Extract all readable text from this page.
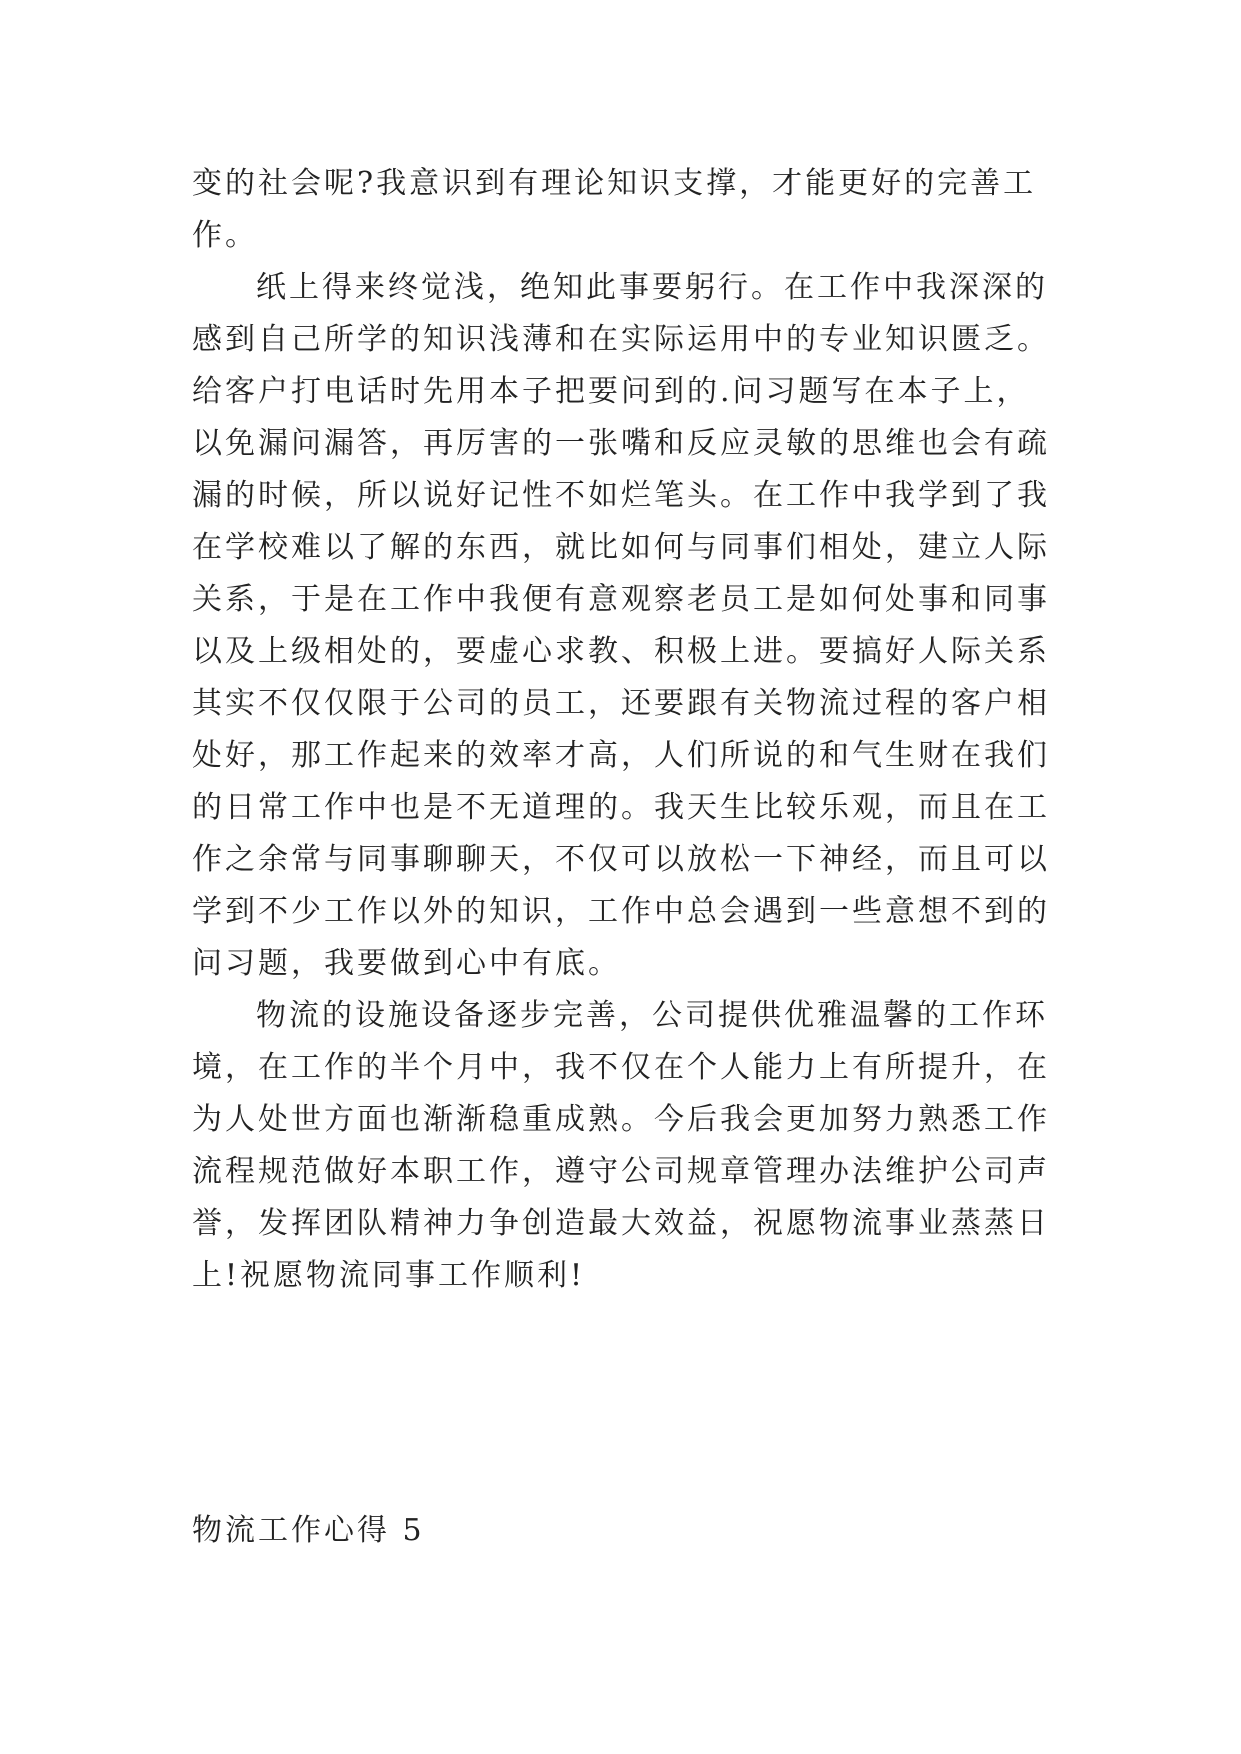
变的社会呢?我意识到有理论知识支撑，才能更好的完善工
作。
纸上得来终觉浅，绝知此事要躬行。在工作中我深深的
感到自己所学的知识浅薄和在实际运用中的专业知识匮乏。
给客户打电话时先用本子把要问到的.问习题写在本子上，
以免漏问漏答，再厉害的一张嘴和反应灵敏的思维也会有疏
漏的时候，所以说好记性不如烂笔头。在工作中我学到了我
在学校难以了解的东西，就比如何与同事们相处，建立人际
关系，于是在工作中我便有意观察老员工是如何处事和同事
以及上级相处的，要虚心求教、积极上进。要搞好人际关系
其实不仅仅限于公司的员工，还要跟有关物流过程的客户相
处好，那工作起来的效率才高，人们所说的和气生财在我们
的日常工作中也是不无道理的。我天生比较乐观，而且在工
作之余常与同事聊聊天，不仅可以放松一下神经，而且可以
学到不少工作以外的知识，工作中总会遇到一些意想不到的
问习题，我要做到心中有底。
物流的设施设备逐步完善，公司提供优雅温馨的工作环
境，在工作的半个月中，我不仅在个人能力上有所提升，在
为人处世方面也渐渐稳重成熟。今后我会更加努力熟悉工作
流程规范做好本职工作，遵守公司规章管理办法维护公司声
誉，发挥团队精神力争创造最大效益，祝愿物流事业蒸蒸日
上!祝愿物流同事工作顺利!
物流工作心得 5
